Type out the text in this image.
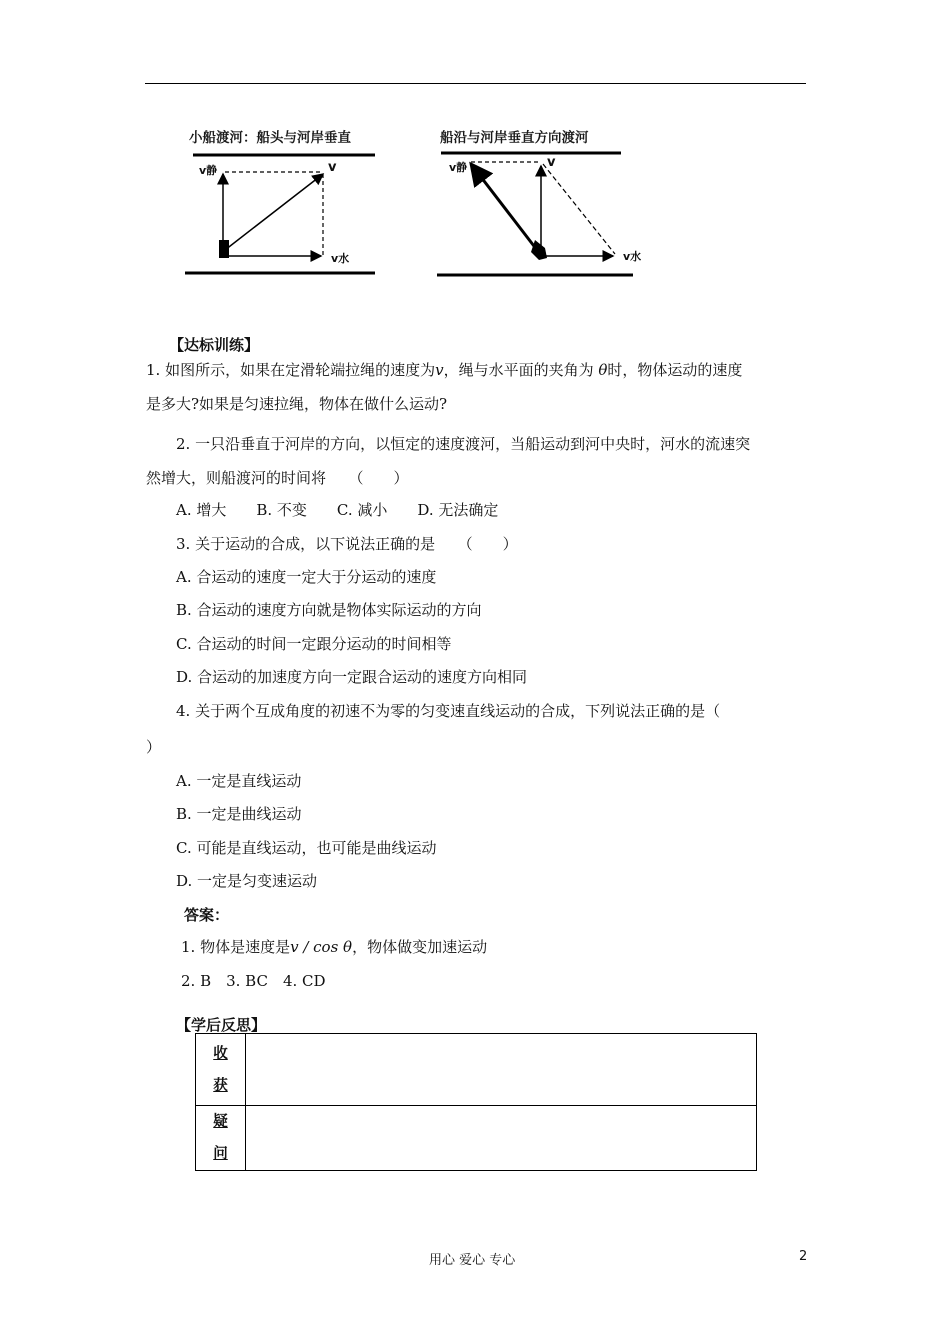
小船渡河：船头与河岸垂直
v静	v
v水
船沿与河岸垂直方向渡河
v静	v
v水
【达标训练】
1. 如图所示，如果在定滑轮端拉绳的速度为v，绳与水平面的夹角为 θ时，物体运动的速度
是多大?如果是匀速拉绳，物体在做什么运动?
2. 一只沿垂直于河岸的方向，以恒定的速度渡河，当船运动到河中央时，河水的流速突
然增大，则船渡河的时间将　　（　　）
A. 增大　　B. 不变　　C. 减小　　D. 无法确定
3. 关于运动的合成，以下说法正确的是　　（　　）
A. 合运动的速度一定大于分运动的速度
B. 合运动的速度方向就是物体实际运动的方向
C. 合运动的时间一定跟分运动的时间相等
D. 合运动的加速度方向一定跟合运动的速度方向相同
4. 关于两个互成角度的初速不为零的匀变速直线运动的合成，下列说法正确的是（
）
A. 一定是直线运动
B. 一定是曲线运动
C. 可能是直线运动，也可能是曲线运动
D. 一定是匀变速运动
答案：
1. 物体是速度是v / cos θ，物体做变加速运动
2. B　3. BC　4. CD
【学后反思】
收
获	

疑
问	

用心 爱心 专心	2
